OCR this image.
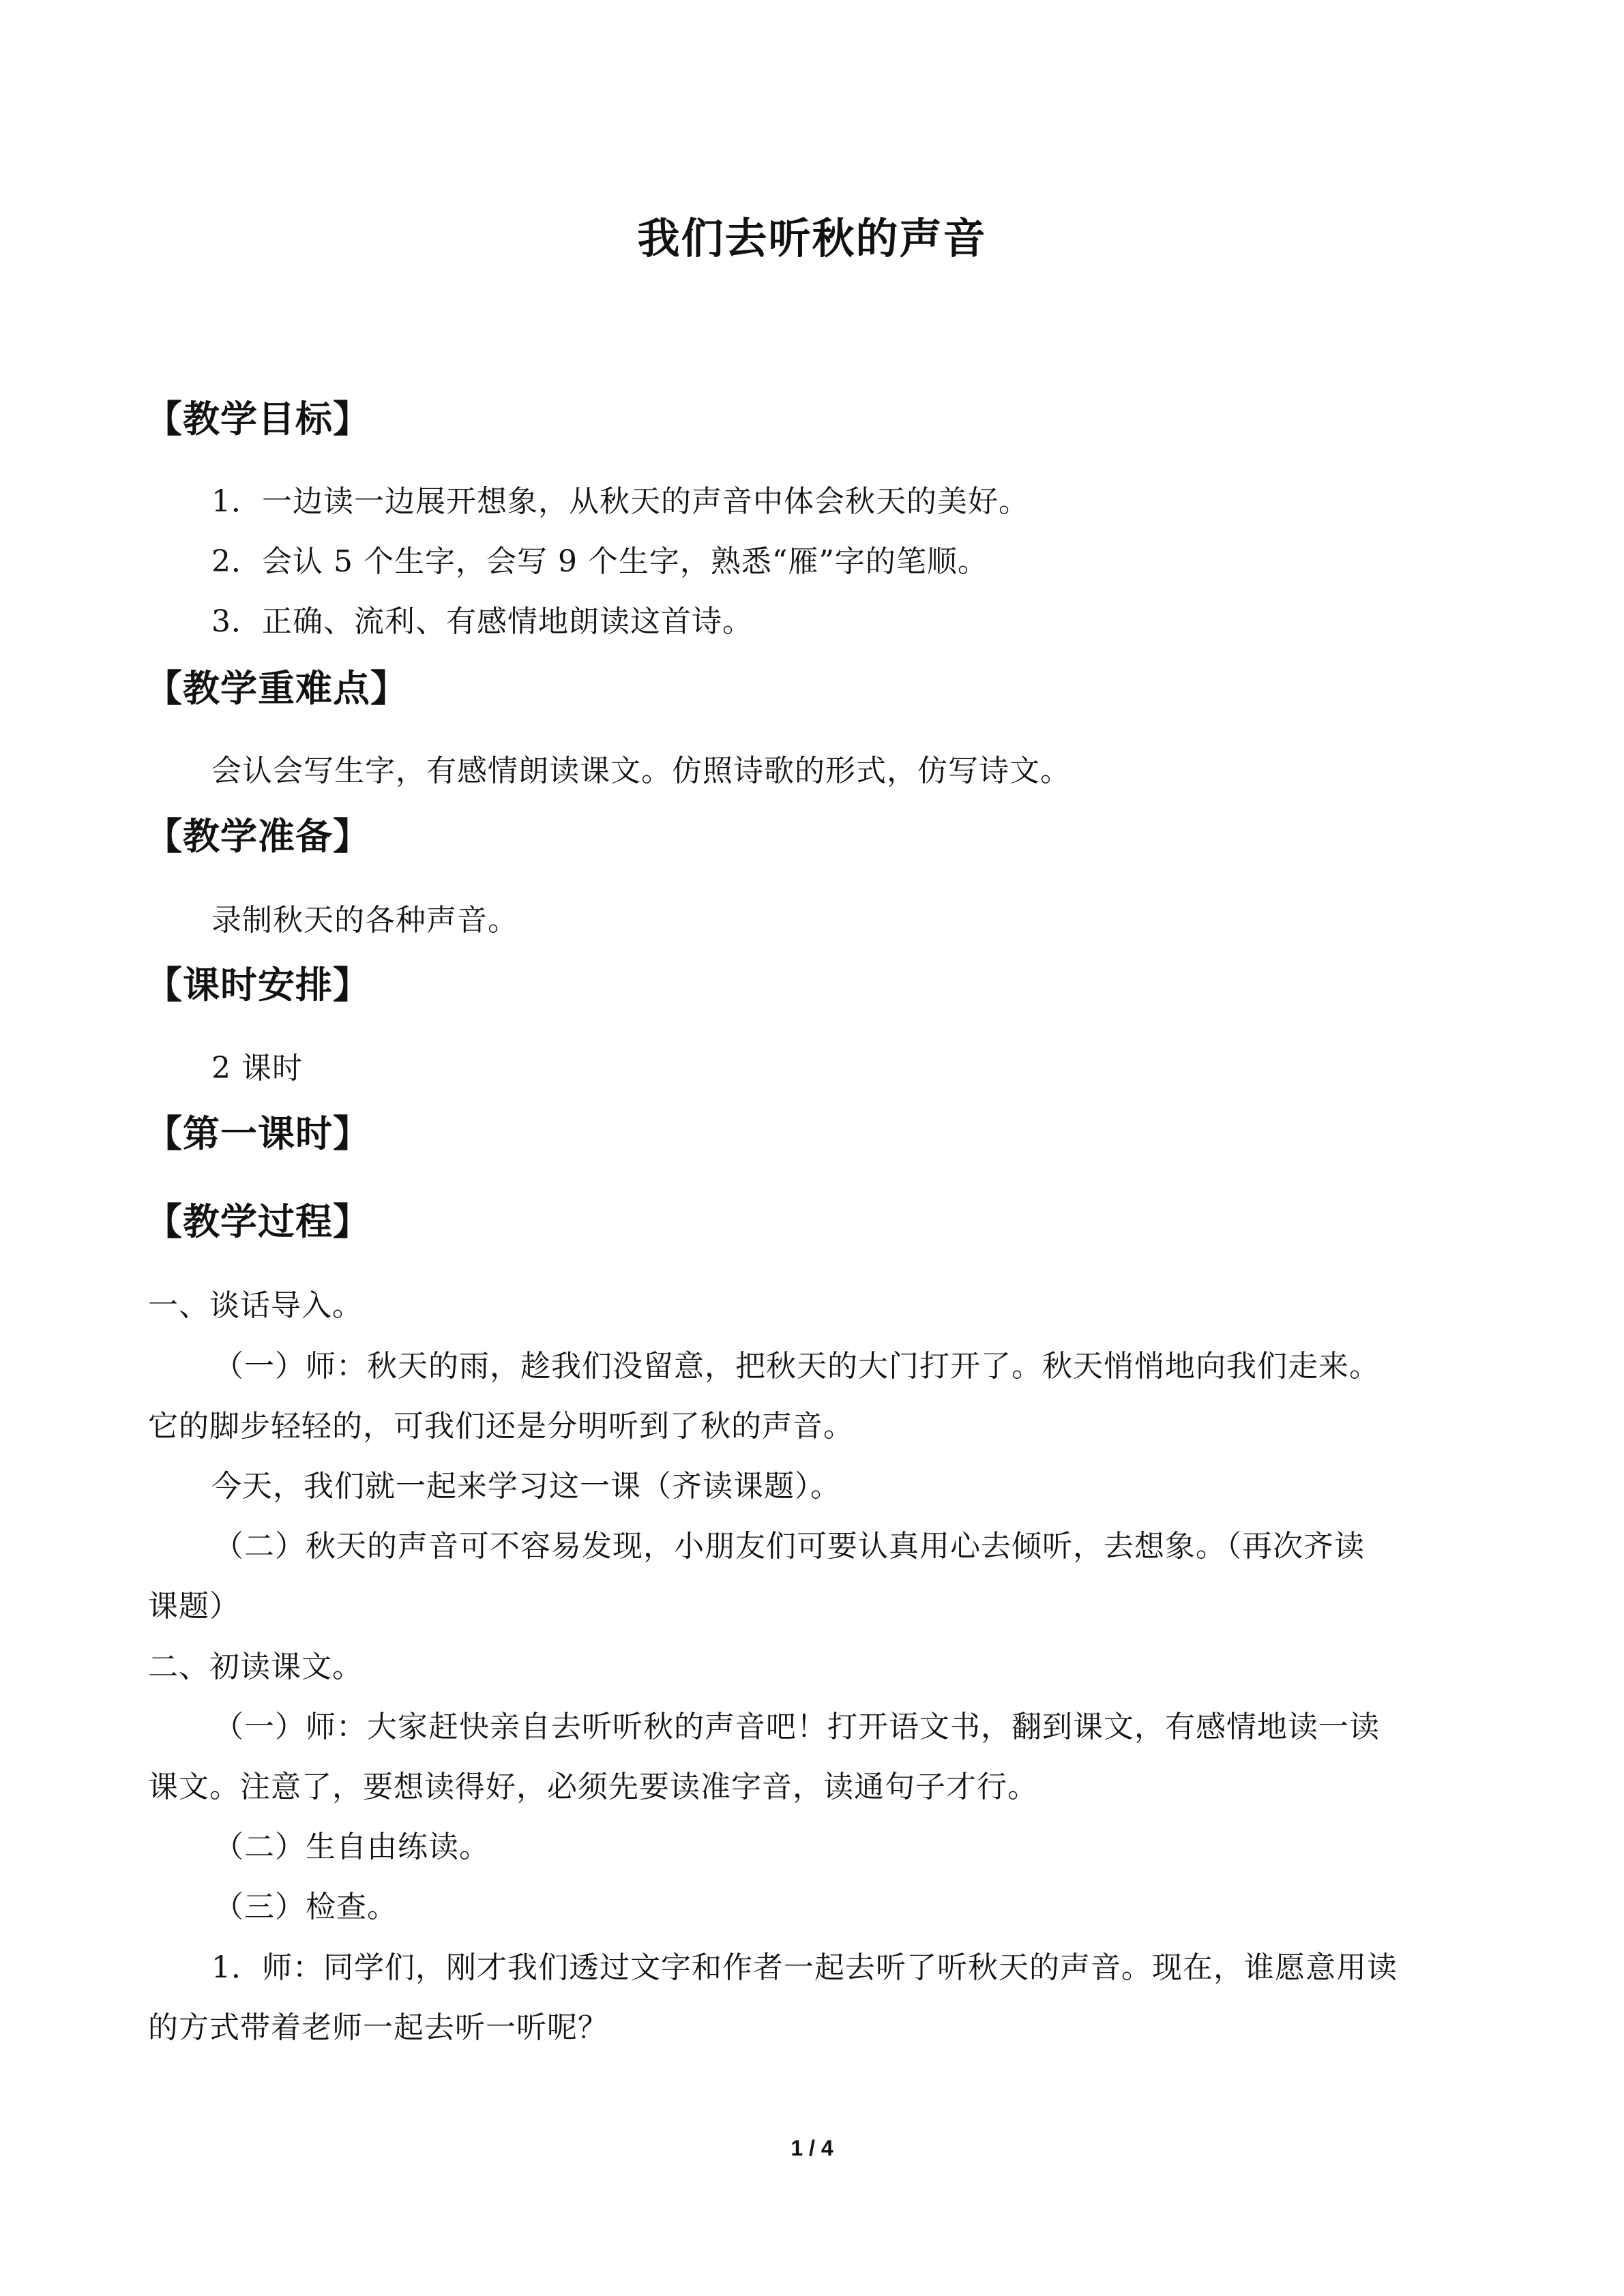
我们去听秋的声音
【教学目标】
1．一边读一边展开想象，从秋天的声音中体会秋天的美好。
2．会认 5 个生字，会写 9 个生字，熟悉“雁”字的笔顺。
3．正确、流利、有感情地朗读这首诗。
【教学重难点】
会认会写生字，有感情朗读课文。仿照诗歌的形式，仿写诗文。
【教学准备】
录制秋天的各种声音。
【课时安排】
2 课时
【第一课时】
【教学过程】
一、谈话导入。
（一）师：秋天的雨，趁我们没留意，把秋天的大门打开了。秋天悄悄地向我们走来。
它的脚步轻轻的，可我们还是分明听到了秋的声音。
今天，我们就一起来学习这一课（齐读课题）。
（二）秋天的声音可不容易发现，小朋友们可要认真用心去倾听，去想象。（再次齐读
课题）
二、初读课文。
（一）师：大家赶快亲自去听听秋的声音吧！打开语文书，翻到课文，有感情地读一读
课文。注意了，要想读得好，必须先要读准字音，读通句子才行。
（二）生自由练读。
（三）检查。
1．师：同学们，刚才我们透过文字和作者一起去听了听秋天的声音。现在，谁愿意用读
的方式带着老师一起去听一听呢？
1 / 4
